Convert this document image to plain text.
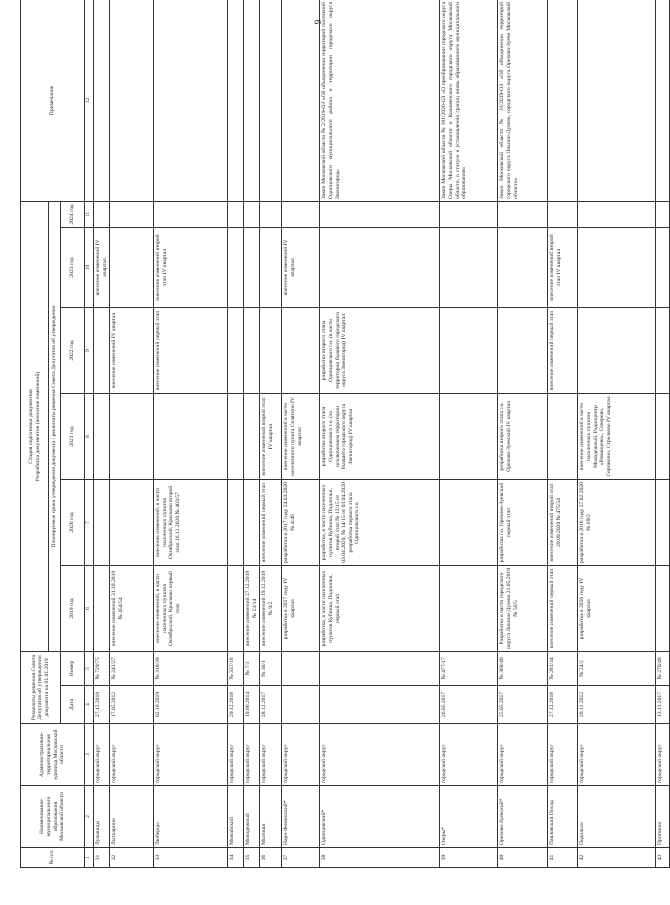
9
№ п/п	Наименование муниципального образования Московской области	Административно-территориальная единица Московской области	Реквизиты решения Совета Депутатов об утверждении документа на 01.01.2019		Стадия подготовки документов Разработка документов (внесение изменений)						Примечание
					Планируемые сроки утверждения документа / реквизиты решения Совета Депутатов об утверждении						
			Дата	Номер	2019 год	2020 год	2021 год	2022 год	2023 год	2024 год	

1	2	3	4	5	6	7	8	9	10	11	12
31	Луховицы	городской округ	27.12.2018	№ 729/75					внесение изменений IV квартал		
32	Лыткарино	городской округ	17.05.2012	№ 241/27	внесение изменений 31.10.2019 № 454/54			внесение изменений IV квартал			
33	Люберцы	городской округ	02.10.2019	№ 318/39	внесение изменений, в части населенных пунктов Октябрьский, Красково первый этап	внесение изменений, в части населенных пунктов Октябрьский, Красково второй этап 16.12.2020 № 403/57		внесение изменений первый этап	внесение изменений второй этап IV квартал		
34	Можайский	городской округ	29.12.2018	№ 337/18							
35	Молодежный	городской округ	19.06.2014	№ 7/1	внесение изменений 27.12.2019 № 13/14						
36	Мытищи	городской округ	28.12.2017	№ 36/1	внесение изменений 19.12.2019 № 9/2	внесение изменений первый этап	внесение изменений второй этап IV квартал				
37	Наро-Фоминский*	городской округ			разработка в 2017 году IV квартал	разработка в 2017 году 24.03.2020 № 4/46	внесение изменений в части населенного пункта Селятино IV квартал		внесение изменений IV квартал		
38	Одинцовский*	городской округ			разработка, в части населенных пунктов Кубинка, Подлипки, первый этап	разработка, в части населенных пунктов Кубинка, Подлипки, второй этап № 12/15 от 03.04.2020, № 14/15 от 03.04.2020 разработка первого этапа Одинцовского г.о.	разработка второго этапа Одинцовского г.о. (за исключением территории бывшего городского округа Звенигород) IV квартал	разработка второго этапа Одинцовского г.о. (в части территории бывшего городского округа Звенигород) IV квартал			Закон Московской области № 2/2019-ОЗ «Об объединении территорий поселений Одинцовского муниципального района и территории городского округа Звенигород»
39	Озеры*	городской округ	26.05.2017	№ 477/17							Закон Московской области № 181/2020-ОЗ «О преобразовании городского округа Озеры Московской области и Коломенского городского округа Московской области, о статусе и установлении границ вновь образованного муниципального образования»
40	Орехово-Зуевский*	городской округ	25.05.2017	№ 368/40	Разработка в части городского округа Ликино-Дулево 21.05.2019 № 56/5	разработка г.о. Орехово-Зуевский первый этап	разработка второго этапа г.о. Орехово-Зуевский IV квартал				Закон Московской области № 33/2019-ОЗ «Об объединении территорий городского округа Ликино-Дулево, городского округа Орехово-Зуево Московской области»
41	Павловский Посад	городской округ	27.12.2018	№ 281/34	внесение изменений первый этап	внесение изменений второй этап 29.09.2020 № 475/54		внесение изменений первый этап	внесение изменений второй этап IV квартал		
42	Подольск	городской округ	20.12.2012	№ 24/2	разработка в 2016 году IV квартал	разработка в 2016 году 27.02.2020 № 69/2	внесение изменений в части населенных пунктов Молодежный, Радиоцентр «Романцево», Северово, Сертякино, Стрелково IV квартал				
43	Протвино	городской округ	13.11.2017	№ 270/48							
